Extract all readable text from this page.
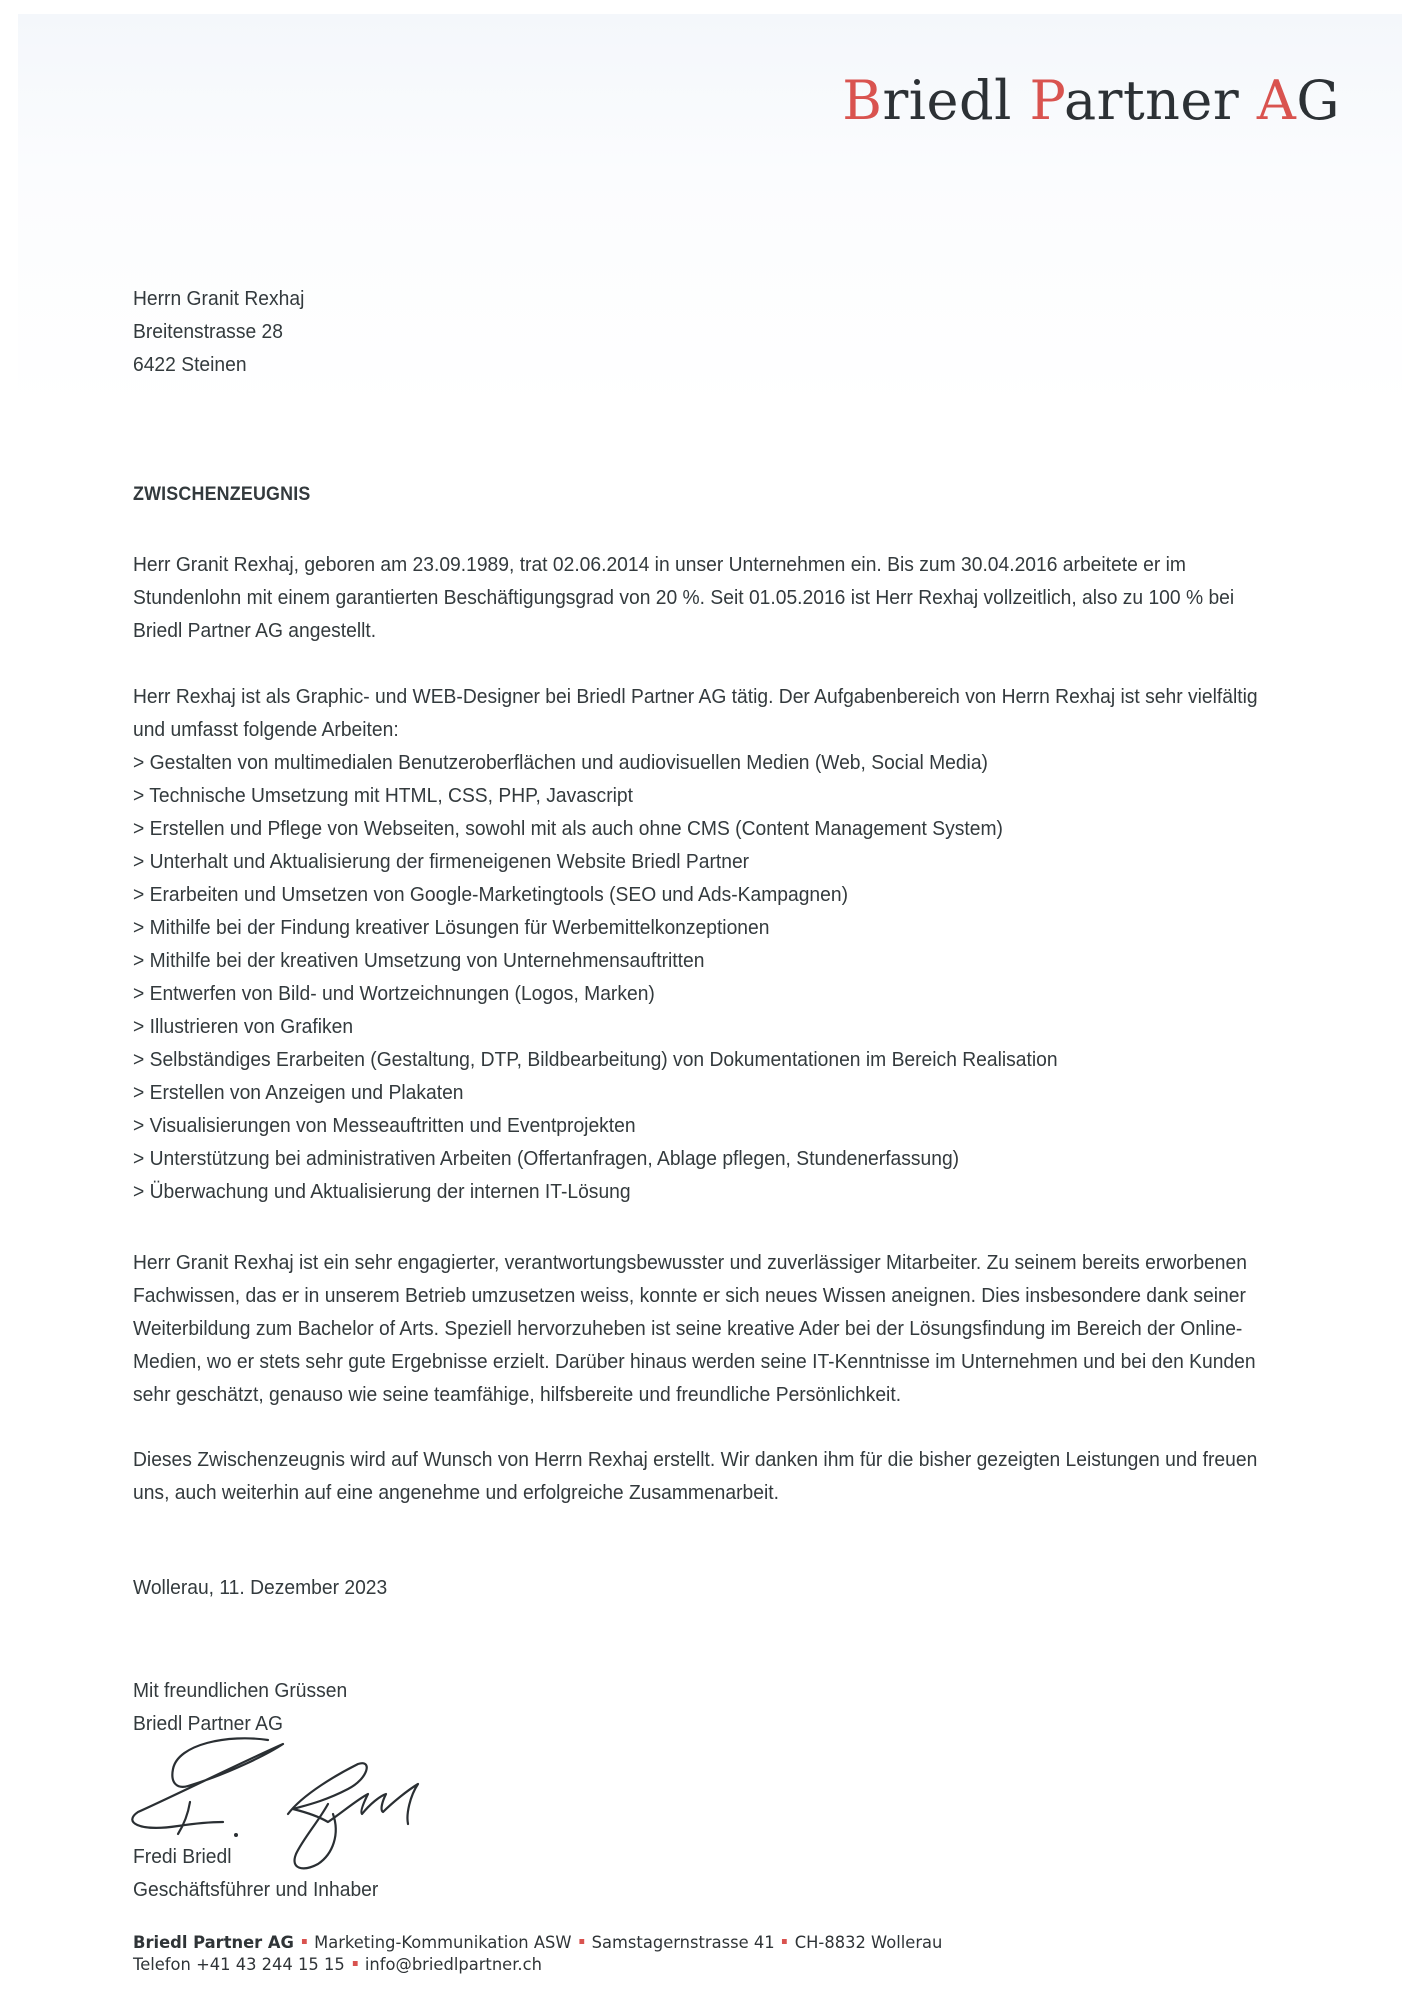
Briedl Partner AG
Herrn Granit Rexhaj
Breitenstrasse 28
6422 Steinen
ZWISCHENZEUGNIS
Herr Granit Rexhaj, geboren am 23.09.1989, trat 02.06.2014 in unser Unternehmen ein. Bis zum 30.04.2016 arbeitete er im
Stundenlohn mit einem garantierten Beschäftigungsgrad von 20 %. Seit 01.05.2016 ist Herr Rexhaj vollzeitlich, also zu 100 % bei
Briedl Partner AG angestellt.
Herr Rexhaj ist als Graphic- und WEB-Designer bei Briedl Partner AG tätig. Der Aufgabenbereich von Herrn Rexhaj ist sehr vielfältig
und umfasst folgende Arbeiten:
> Gestalten von multimedialen Benutzeroberflächen und audiovisuellen Medien (Web, Social Media)
> Technische Umsetzung mit HTML, CSS, PHP, Javascript
> Erstellen und Pflege von Webseiten, sowohl mit als auch ohne CMS (Content Management System)
> Unterhalt und Aktualisierung der firmeneigenen Website Briedl Partner
> Erarbeiten und Umsetzen von Google-Marketingtools (SEO und Ads-Kampagnen)
> Mithilfe bei der Findung kreativer Lösungen für Werbemittelkonzeptionen
> Mithilfe bei der kreativen Umsetzung von Unternehmensauftritten
> Entwerfen von Bild- und Wortzeichnungen (Logos, Marken)
> Illustrieren von Grafiken
> Selbständiges Erarbeiten (Gestaltung, DTP, Bildbearbeitung) von Dokumentationen im Bereich Realisation
> Erstellen von Anzeigen und Plakaten
> Visualisierungen von Messeauftritten und Eventprojekten
> Unterstützung bei administrativen Arbeiten (Offertanfragen, Ablage pflegen, Stundenerfassung)
> Überwachung und Aktualisierung der internen IT-Lösung
Herr Granit Rexhaj ist ein sehr engagierter, verantwortungsbewusster und zuverlässiger Mitarbeiter. Zu seinem bereits erworbenen
Fachwissen, das er in unserem Betrieb umzusetzen weiss, konnte er sich neues Wissen aneignen. Dies insbesondere dank seiner
Weiterbildung zum Bachelor of Arts. Speziell hervorzuheben ist seine kreative Ader bei der Lösungsfindung im Bereich der Online-
Medien, wo er stets sehr gute Ergebnisse erzielt. Darüber hinaus werden seine IT-Kenntnisse im Unternehmen und bei den Kunden
sehr geschätzt, genauso wie seine teamfähige, hilfsbereite und freundliche Persönlichkeit.
Dieses Zwischenzeugnis wird auf Wunsch von Herrn Rexhaj erstellt. Wir danken ihm für die bisher gezeigten Leistungen und freuen
uns, auch weiterhin auf eine angenehme und erfolgreiche Zusammenarbeit.
Wollerau, 11. Dezember 2023
Mit freundlichen Grüssen
Briedl Partner AG
Fredi Briedl
Geschäftsführer und Inhaber
Briedl Partner AG Marketing-Kommunikation ASW Samstagernstrasse 41 CH-8832 Wollerau
Telefon +41 43 244 15 15 info@briedlpartner.ch
